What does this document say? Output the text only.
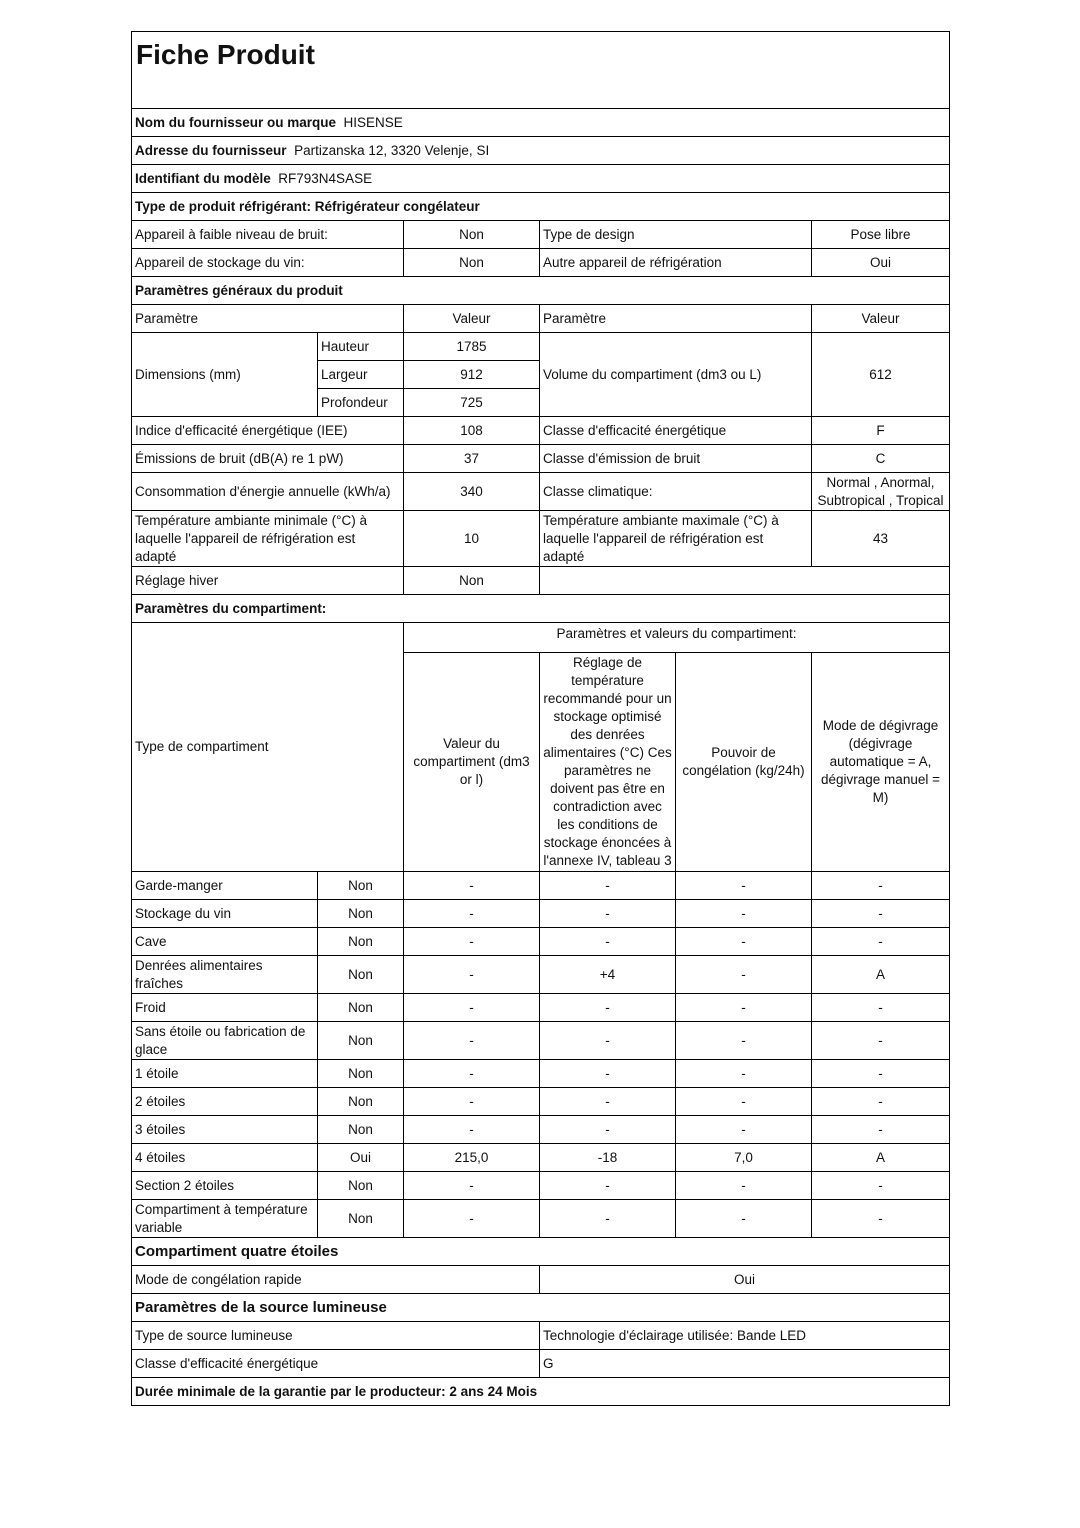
Fiche Produit					
Nom du fournisseur ou marque HISENSE					
Adresse du fournisseur Partizanska 12, 3320 Velenje, SI					
Identifiant du modèle RF793N4SASE					
Type de produit réfrigérant: Réfrigérateur congélateur					
Appareil à faible niveau de bruit:		Non	Type de design		Pose libre
Appareil de stockage du vin:		Non	Autre appareil de réfrigération		Oui
Paramètres généraux du produit					
Paramètre		Valeur	Paramètre		Valeur
Dimensions (mm)	Hauteur	1785	Volume du compartiment (dm3 ou L)		612
	Largeur	912			
	Profondeur	725			
Indice d'efficacité énergétique (IEE)		108	Classe d'efficacité énergétique		F
Émissions de bruit (dB(A) re 1 pW)		37	Classe d'émission de bruit		C
Consommation d'énergie annuelle (kWh/a)		340	Classe climatique:		Normal , Anormal,
Subtropical , Tropical
Température ambiante minimale (°C) à laquelle l'appareil de réfrigération est adapté		10	Température ambiante maximale (°C) à laquelle l'appareil de réfrigération est adapté		43
Réglage hiver		Non			
Paramètres du compartiment:					
Type de compartiment		Paramètres et valeurs du compartiment:			
		Valeur du compartiment (dm3 or l)	Réglage de température recommandé pour un stockage optimisé des denrées alimentaires (°C) Ces paramètres ne doivent pas être en contradiction avec les conditions de stockage énoncées à l'annexe IV, tableau 3	Pouvoir de congélation (kg/24h)	Mode de dégivrage (dégivrage automatique = A, dégivrage manuel = M)
Garde-manger	Non	-	-	-	-
Stockage du vin	Non	-	-	-	-
Cave	Non	-	-	-	-
Denrées alimentaires fraîches	Non	-	+4	-	A
Froid	Non	-	-	-	-
Sans étoile ou fabrication de glace	Non	-	-	-	-
1 étoile	Non	-	-	-	-
2 étoiles	Non	-	-	-	-
3 étoiles	Non	-	-	-	-
4 étoiles	Oui	215,0	-18	7,0	A
Section 2 étoiles	Non	-	-	-	-
Compartiment à température variable	Non	-	-	-	-
Compartiment quatre étoiles					
Mode de congélation rapide			Oui		
Paramètres de la source lumineuse					
Type de source lumineuse			Technologie d'éclairage utilisée: Bande LED		
Classe d'efficacité énergétique			G		
Durée minimale de la garantie par le producteur: 2 ans 24 Mois					
